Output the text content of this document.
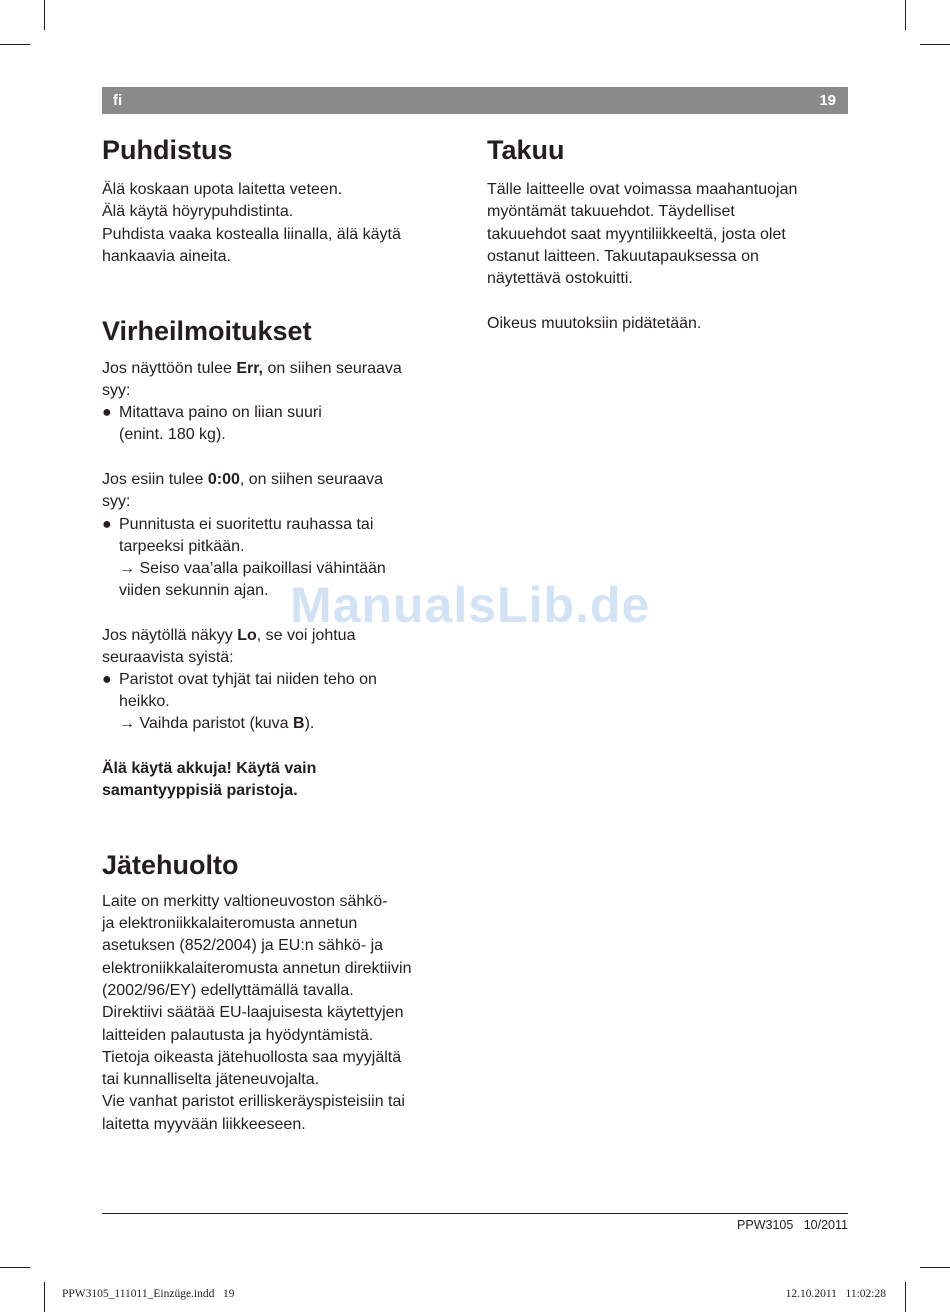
fi	19
Puhdistus
Älä koskaan upota laitetta veteen.
Älä käytä höyrypuhdistinta.
Puhdista vaaka kostealla liinalla, älä käytä
hankaavia aineita.
Virheilmoitukset
Jos näyttöön tulee Err, on siihen seuraava
syy:
● Mitattava paino on liian suuri
(enint. 180 kg).
Jos esiin tulee 0:00, on siihen seuraava
syy:
● Punnitusta ei suoritettu rauhassa tai
tarpeeksi pitkään.
→ Seiso vaa’alla paikoillasi vähintään
viiden sekunnin ajan.
Jos näytöllä näkyy Lo, se voi johtua
seuraavista syistä:
● Paristot ovat tyhjät tai niiden teho on
heikko.
→ Vaihda paristot (kuva B).
Älä käytä akkuja! Käytä vain
samantyyppisiä paristoja.
Jätehuolto
Laite on merkitty valtioneuvoston sähkö-
ja elektroniikkalaiteromusta annetun
asetuksen (852/2004) ja EU:n sähkö- ja
elektroniikkalaiteromusta annetun direktiivin
(2002/96/EY) edellyttämällä tavalla.
Direktiivi säätää EU-laajuisesta käytettyjen
laitteiden palautusta ja hyödyntämistä.
Tietoja oikeasta jätehuollosta saa myyjältä
tai kunnalliselta jäteneuvojalta.
Vie vanhat paristot erilliskeräyspisteisiin tai
laitetta myyvään liikkeeseen.
Takuu
Tälle laitteelle ovat voimassa maahantuojan
myöntämät takuuehdot. Täydelliset
takuuehdot saat myyntiliikkeeltä, josta olet
ostanut laitteen. Takuutapauksessa on
näytettävä ostokuitti.
Oikeus muutoksiin pidätetään.
ManualsLib.de
PPW3105   10/2011
PPW3105_111011_Einzüge.indd   19	12.10.2011   11:02:28
